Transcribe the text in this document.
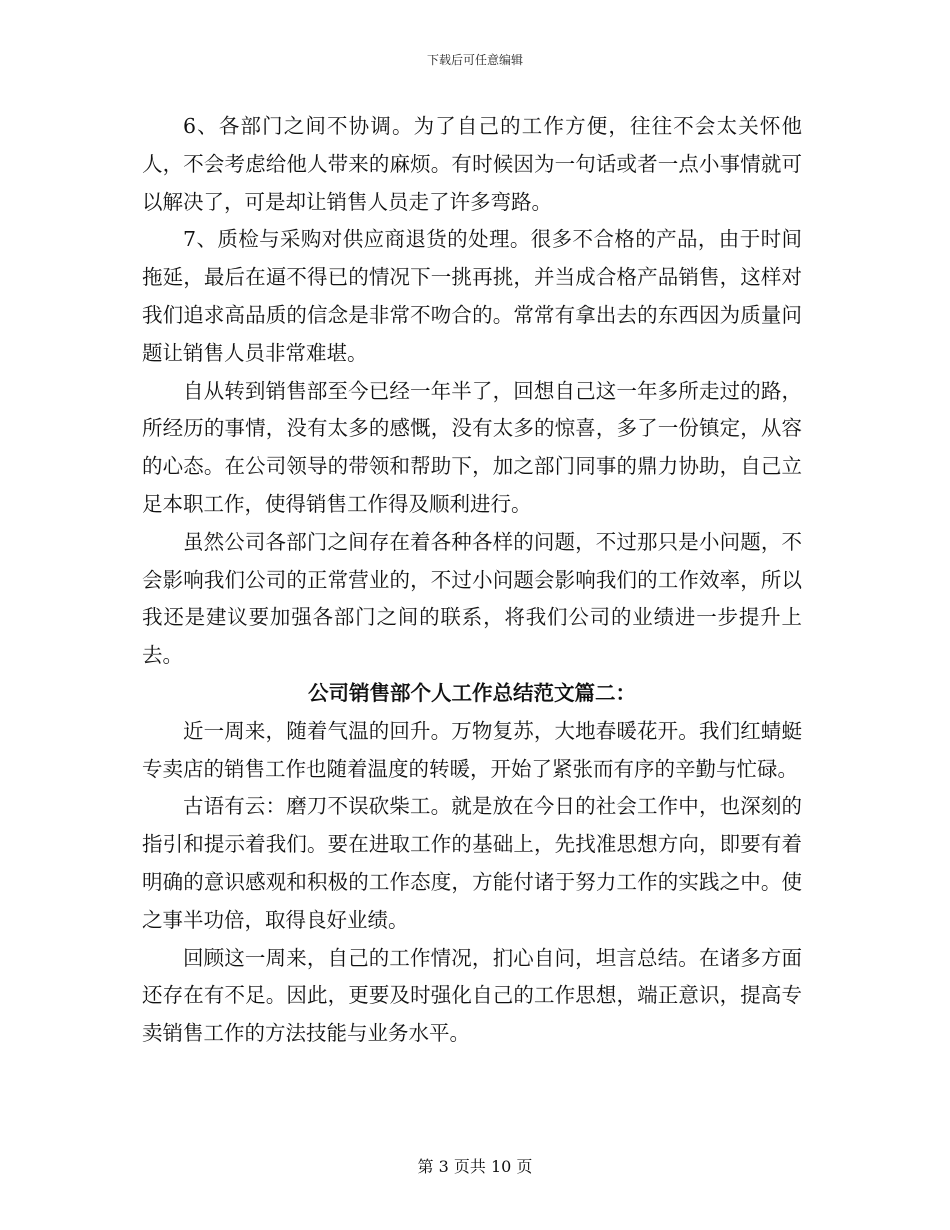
下载后可任意编辑

6、各部门之间不协调。为了自己的工作方便，往往不会太关怀他人，不会考虑给他人带来的麻烦。有时候因为一句话或者一点小事情就可以解决了，可是却让销售人员走了许多弯路。

7、质检与采购对供应商退货的处理。很多不合格的产品，由于时间拖延，最后在逼不得已的情况下一挑再挑，并当成合格产品销售，这样对我们追求高品质的信念是非常不吻合的。常常有拿出去的东西因为质量问题让销售人员非常难堪。

自从转到销售部至今已经一年半了，回想自己这一年多所走过的路，所经历的事情，没有太多的感慨，没有太多的惊喜，多了一份镇定，从容的心态。在公司领导的带领和帮助下，加之部门同事的鼎力协助，自己立足本职工作，使得销售工作得及顺利进行。

虽然公司各部门之间存在着各种各样的问题，不过那只是小问题，不会影响我们公司的正常营业的，不过小问题会影响我们的工作效率，所以我还是建议要加强各部门之间的联系，将我们公司的业绩进一步提升上去。

公司销售部个人工作总结范文篇二：

近一周来，随着气温的回升。万物复苏，大地春暖花开。我们红蜻蜓专卖店的销售工作也随着温度的转暖，开始了紧张而有序的辛勤与忙碌。

古语有云：磨刀不误砍柴工。就是放在今日的社会工作中，也深刻的指引和提示着我们。要在进取工作的基础上，先找准思想方向，即要有着明确的意识感观和积极的工作态度，方能付诸于努力工作的实践之中。使之事半功倍，取得良好业绩。

回顾这一周来，自己的工作情况，扪心自问，坦言总结。在诸多方面还存在有不足。因此，更要及时强化自己的工作思想，端正意识，提高专卖销售工作的方法技能与业务水平。

第 3 页共 10 页
